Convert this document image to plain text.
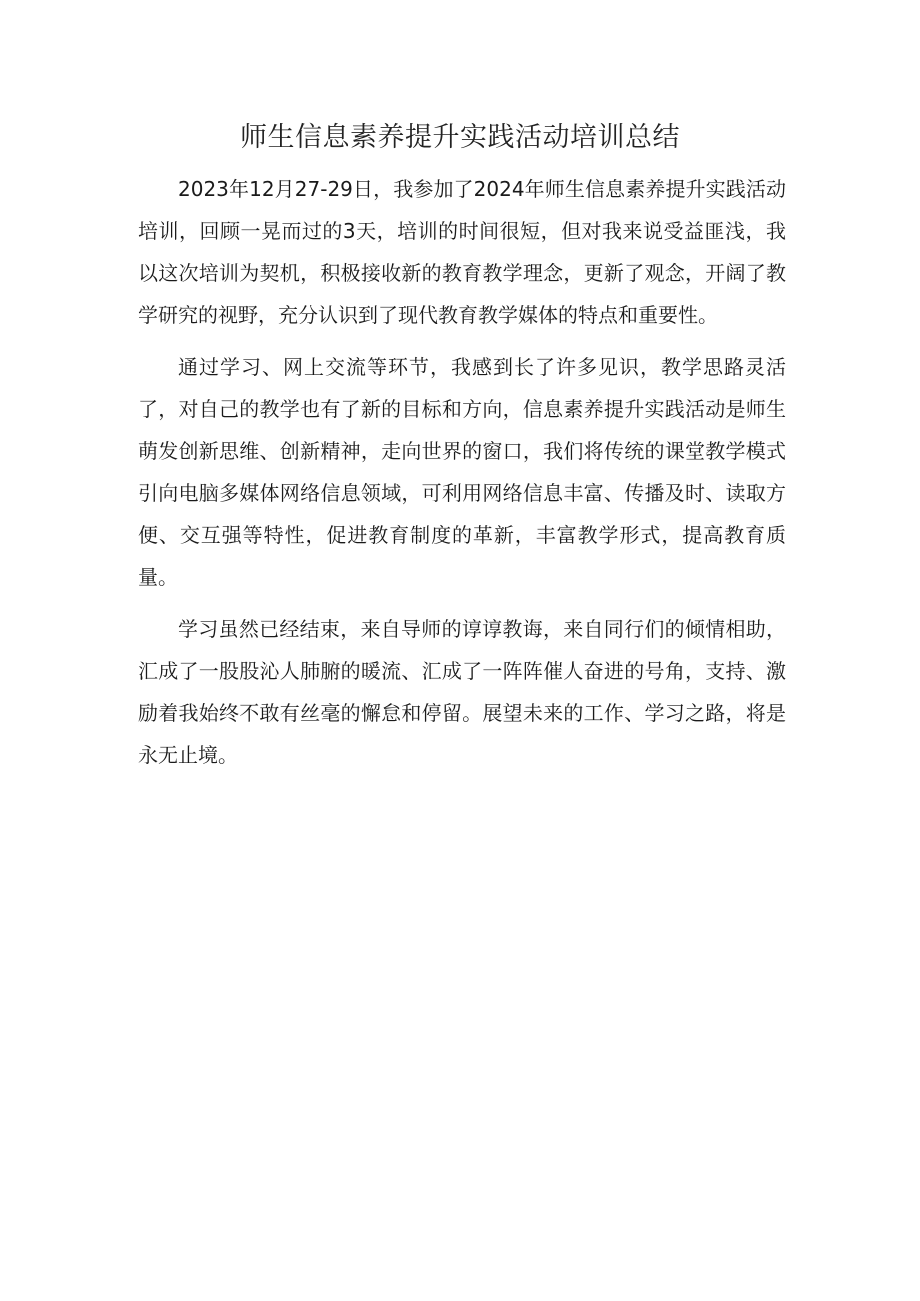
师生信息素养提升实践活动培训总结

2023年12月27-29日，我参加了2024年师生信息素养提升实践活动培训，回顾一晃而过的3天，培训的时间很短，但对我来说受益匪浅，我以这次培训为契机，积极接收新的教育教学理念，更新了观念，开阔了教学研究的视野，充分认识到了现代教育教学媒体的特点和重要性。

通过学习、网上交流等环节，我感到长了许多见识，教学思路灵活了，对自己的教学也有了新的目标和方向，信息素养提升实践活动是师生萌发创新思维、创新精神，走向世界的窗口，我们将传统的课堂教学模式引向电脑多媒体网络信息领域，可利用网络信息丰富、传播及时、读取方便、交互强等特性，促进教育制度的革新，丰富教学形式，提高教育质量。

学习虽然已经结束，来自导师的谆谆教诲，来自同行们的倾情相助，汇成了一股股沁人肺腑的暖流、汇成了一阵阵催人奋进的号角，支持、激励着我始终不敢有丝毫的懈怠和停留。展望未来的工作、学习之路，将是永无止境。
